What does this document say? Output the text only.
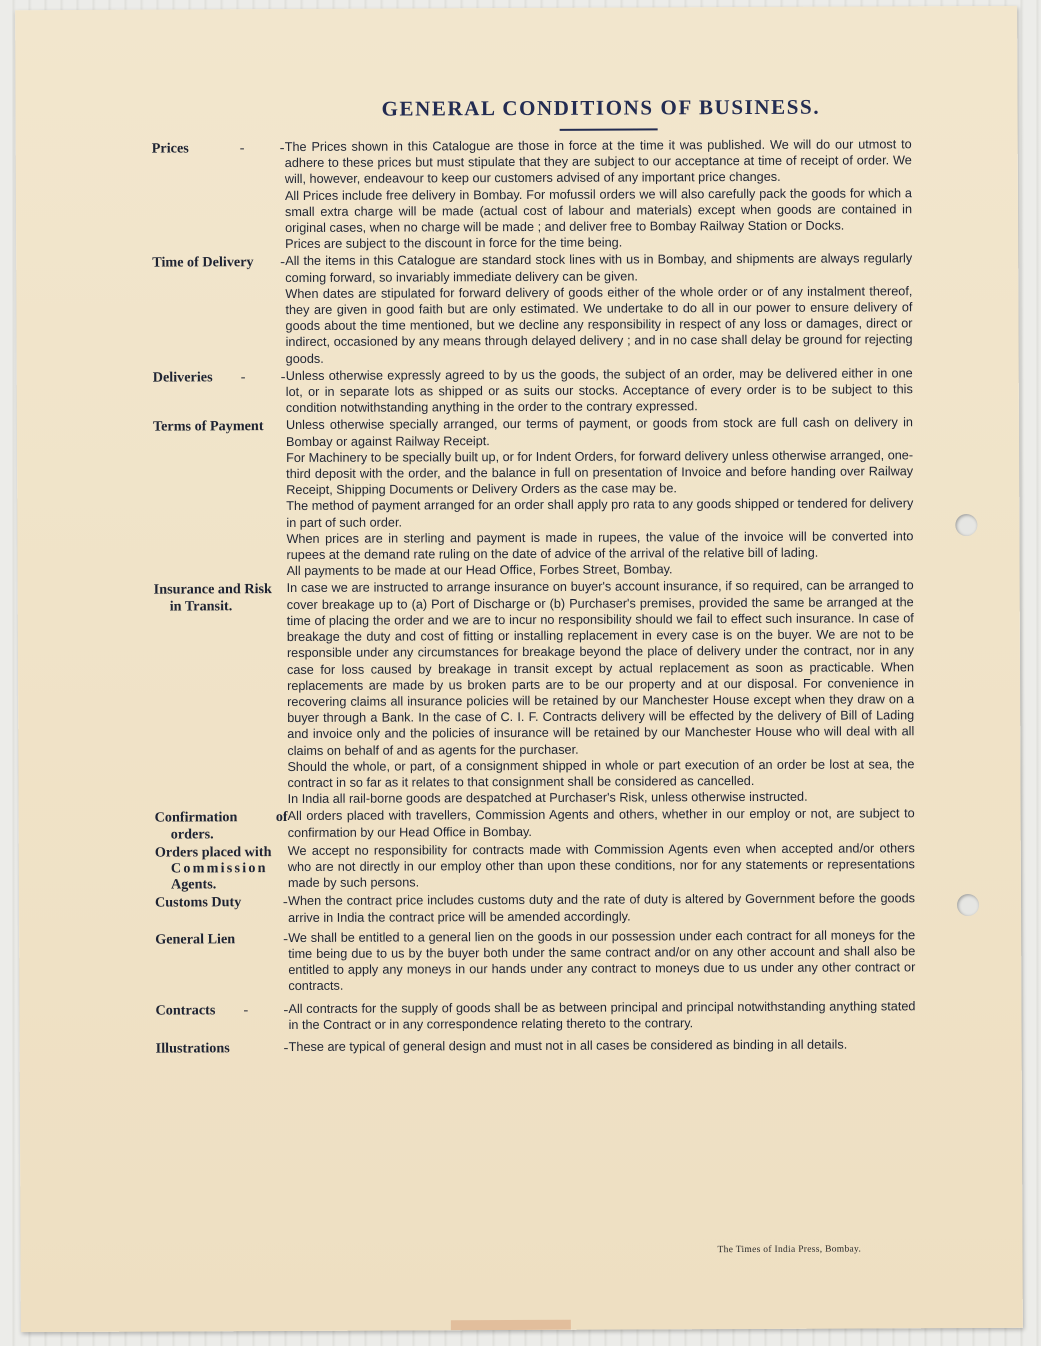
GENERAL CONDITIONS OF BUSINESS.
Prices	- - The Prices shown in this Catalogue are those in force at the time it was published. We will do our utmost to adhere to these prices but must stipulate that they are subject to our acceptance at time of receipt of order. We will, however, endeavour to keep our customers advised of any important price changes.

All Prices include free delivery in Bombay. For mofussil orders we will also carefully pack the goods for which a small extra charge will be made (actual cost of labour and materials) except when goods are contained in original cases, when no charge will be made ; and deliver free to Bombay Railway Station or Docks.

Prices are subject to the discount in force for the time being.

Time of Delivery - All the items in this Catalogue are standard stock lines with us in Bombay, and shipments are always regularly coming forward, so invariably immediate delivery can be given.

When dates are stipulated for forward delivery of goods either of the whole order or of any instalment thereof, they are given in good faith but are only estimated. We undertake to do all in our power to ensure delivery of goods about the time mentioned, but we decline any responsibility in respect of any loss or damages, direct or indirect, occasioned by any means through delayed delivery ; and in no case shall delay be ground for rejecting goods.

Deliveries - - Unless otherwise expressly agreed to by us the goods, the subject of an order, may be delivered either in one lot, or in separate lots as shipped or as suits our stocks. Acceptance of every order is to be subject to this condition notwithstanding anything in the order to the contrary expressed.

Terms of Payment	Unless otherwise specially arranged, our terms of payment, or goods from stock are full cash on delivery in Bombay or against Railway Receipt.

For Machinery to be specially built up, or for Indent Orders, for forward delivery unless otherwise arranged, one-third deposit with the order, and the balance in full on presentation of Invoice and before handing over Railway Receipt, Shipping Documents or Delivery Orders as the case may be.

The method of payment arranged for an order shall apply pro rata to any goods shipped or tendered for delivery in part of such order.

When prices are in sterling and payment is made in rupees, the value of the invoice will be converted into rupees at the demand rate ruling on the date of advice of the arrival of the relative bill of lading.

All payments to be made at our Head Office, Forbes Street, Bombay.

Insurance and Risk
in Transit.

In case we are instructed to arrange insurance on buyer's account insurance, if so required, can be arranged to cover breakage up to (a) Port of Discharge or (b) Purchaser's premises, provided the same be arranged at the time of placing the order and we are to incur no responsibility should we fail to effect such insurance. In case of breakage the duty and cost of fitting or installing replacement in every case is on the buyer. We are not to be responsible under any circumstances for breakage beyond the place of delivery under the contract, nor in any case for loss caused by breakage in transit except by actual replacement as soon as practicable. When replacements are made by us broken parts are to be our property and at our disposal. For convenience in recovering claims all insurance policies will be retained by our Manchester House except when they draw on a buyer through a Bank. In the case of C. I. F. Contracts delivery will be effected by the delivery of Bill of Lading and invoice only and the policies of insurance will be retained by our Manchester House who will deal with all claims on behalf of and as agents for the purchaser.

Should the whole, or part, of a consignment shipped in whole or part execution of an order be lost at sea, the contract in so far as it relates to that consignment shall be considered as cancelled.

In India all rail-borne goods are despatched at Purchaser's Risk, unless otherwise instructed.

Confirmation	of
orders.

All orders placed with travellers, Commission Agents and others, whether in our employ or not, are subject to confirmation by our Head Office in Bombay.

Orders placed with
Commission
Agents.

We accept no responsibility for contracts made with Commission Agents even when accepted and/or others who are not directly in our employ other than upon these conditions, nor for any statements or representations made by such persons.

Customs Duty	- When the contract price includes customs duty and the rate of duty is altered by Government before the goods arrive in India the contract price will be amended accordingly.

General Lien	- We shall be entitled to a general lien on the goods in our possession under each contract for all moneys for the time being due to us by the buyer both under the same contract and/or on any other account and shall also be entitled to apply any moneys in our hands under any contract to moneys due to us under any other contract or contracts.

Contracts - - All contracts for the supply of goods shall be as between principal and principal notwithstanding anything stated in the Contract or in any correspondence relating thereto to the contrary.

Illustrations	- These are typical of general design and must not in all cases be considered as binding in all details.

The Times of India Press, Bombay.
